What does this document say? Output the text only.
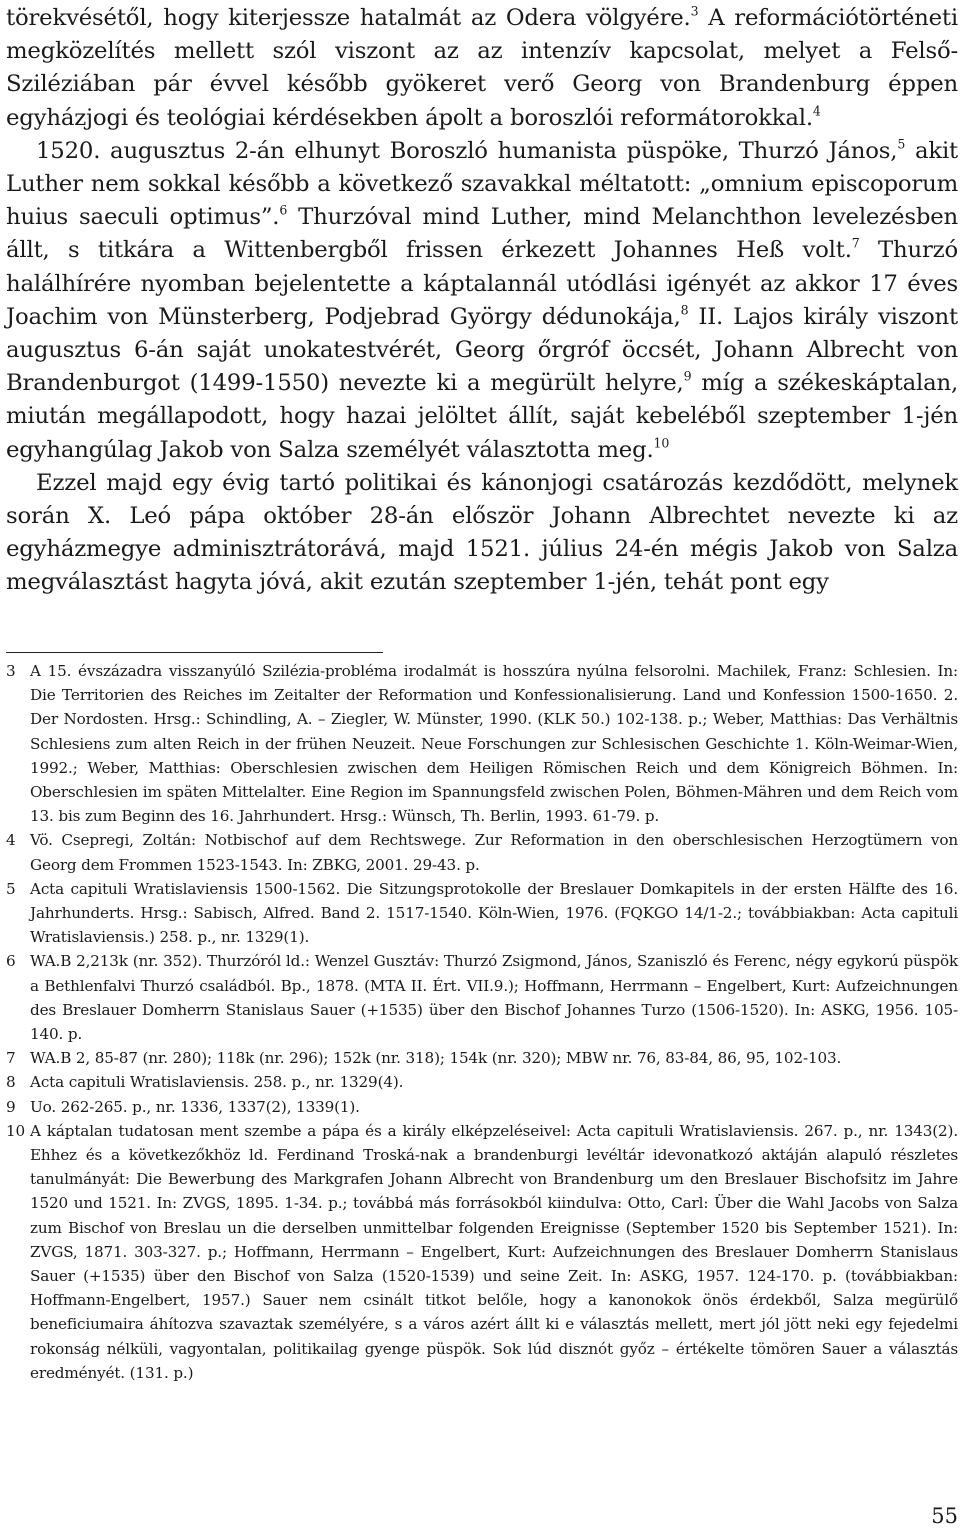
törekvésétől, hogy kiterjessze hatalmát az Odera völgyére.$^3$ A reformációtörténeti megközelítés mellett szól viszont az az intenzív kapcsolat, melyet a Felső-Sziléziában pár évvel később gyökeret verő Georg von Brandenburg éppen egyházjogi és teológiai kérdésekben ápolt a boroszlói reformátorokkal.$^4$

1520. augusztus 2-án elhunyt Boroszló humanista püspöke, Thurzó János,$^5$ akit Luther nem sokkal később a következő szavakkal méltatott: „omnium episcoporum huius saeculi optimus”.$^6$ Thurzóval mind Luther, mind Melanchthon levelezésben állt, s titkára a Wittenbergből frissen érkezett Johannes Heß volt.$^7$ Thurzó halálhírére nyomban bejelentette a káptalannál utódlási igényét az akkor 17 éves Joachim von Münsterberg, Podjebrad György dédunokája,$^8$ II. Lajos király viszont augusztus 6-án saját unokatestvérét, Georg őrgróf öccsét, Johann Albrecht von Brandenburgot (1499-1550) nevezte ki a megürült helyre,$^9$ míg a székeskáptalan, miután megállapodott, hogy hazai jelöltet állít, saját kebeléből szeptember 1-jén egyhangúlag Jakob von Salza személyét választotta meg.$^{10}$

Ezzel majd egy évig tartó politikai és kánonjogi csatározás kezdődött, melynek során X. Leó pápa október 28-án először Johann Albrechtet nevezte ki az egyházmegye adminisztrátorává, majd 1521. július 24-én mégis Jakob von Salza megválasztást hagyta jóvá, akit ezután szeptember 1-jén, tehát pont egy

3 A 15. évszázadra visszanyúló Szilézia-probléma irodalmát is hosszúra nyúlna felsorolni. Machilek, Franz: Schlesien. In: Die Territorien des Reiches im Zeitalter der Reformation und Konfessionalisierung. Land und Konfession 1500-1650. 2. Der Nordosten. Hrsg.: Schindling, A. – Ziegler, W. Münster, 1990. (KLK 50.) 102-138. p.; Weber, Matthias: Das Verhältnis Schlesiens zum alten Reich in der frühen Neuzeit. Neue Forschungen zur Schlesischen Geschichte 1. Köln-Weimar-Wien, 1992.; Weber, Matthias: Oberschlesien zwischen dem Heiligen Römischen Reich und dem Königreich Böhmen. In: Oberschlesien im späten Mittelalter. Eine Region im Spannungsfeld zwischen Polen, Böhmen-Mähren und dem Reich vom 13. bis zum Beginn des 16. Jahrhundert. Hrsg.: Wünsch, Th. Berlin, 1993. 61-79. p.
4 Vö. Csepregi, Zoltán: Notbischof auf dem Rechtswege. Zur Reformation in den oberschlesischen Herzogtümern von Georg dem Frommen 1523-1543. In: ZBKG, 2001. 29-43. p.
5 Acta capituli Wratislaviensis 1500-1562. Die Sitzungsprotokolle der Breslauer Domkapitels in der ersten Hälfte des 16. Jahrhunderts. Hrsg.: Sabisch, Alfred. Band 2. 1517-1540. Köln-Wien, 1976. (FQKGO 14/1-2.; továbbiakban: Acta capituli Wratislaviensis.) 258. p., nr. 1329(1).
6 WA.B 2,213k (nr. 352). Thurzóról ld.: Wenzel Gusztáv: Thurzó Zsigmond, János, Szaniszló és Ferenc, négy egykorú püspök a Bethlenfalvi Thurzó családból. Bp., 1878. (MTA II. Ért. VII.9.); Hoffmann, Herrmann – Engelbert, Kurt: Aufzeichnungen des Breslauer Domherrn Stanislaus Sauer (+1535) über den Bischof Johannes Turzo (1506-1520). In: ASKG, 1956. 105-140. p.
7 WA.B 2, 85-87 (nr. 280); 118k (nr. 296); 152k (nr. 318); 154k (nr. 320); MBW nr. 76, 83-84, 86, 95, 102-103.
8 Acta capituli Wratislaviensis. 258. p., nr. 1329(4).
9 Uo. 262-265. p., nr. 1336, 1337(2), 1339(1).
10 A káptalan tudatosan ment szembe a pápa és a király elképzeléseivel: Acta capituli Wratislaviensis. 267. p., nr. 1343(2). Ehhez és a következőkhöz ld. Ferdinand Troská-nak a brandenburgi levéltár idevonatkozó aktáján alapuló részletes tanulmányát: Die Bewerbung des Markgrafen Johann Albrecht von Brandenburg um den Breslauer Bischofsitz im Jahre 1520 und 1521. In: ZVGS, 1895. 1-34. p.; továbbá más forrásokból kiindulva: Otto, Carl: Über die Wahl Jacobs von Salza zum Bischof von Breslau un die derselben unmittelbar folgenden Ereignisse (September 1520 bis September 1521). In: ZVGS, 1871. 303-327. p.; Hoffmann, Herrmann – Engelbert, Kurt: Aufzeichnungen des Breslauer Domherrn Stanislaus Sauer (+1535) über den Bischof von Salza (1520-1539) und seine Zeit. In: ASKG, 1957. 124-170. p. (továbbiakban: Hoffmann-Engelbert, 1957.) Sauer nem csinált titkot belőle, hogy a kanonokok önös érdekből, Salza megürülő beneficiumaira áhítozva szavaztak személyére, s a város azért állt ki e választás mellett, mert jól jött neki egy fejedelmi rokonság nélküli, vagyontalan, politikailag gyenge püspök. Sok lúd disznót győz – értékelte tömören Sauer a választás eredményét. (131. p.)
55
